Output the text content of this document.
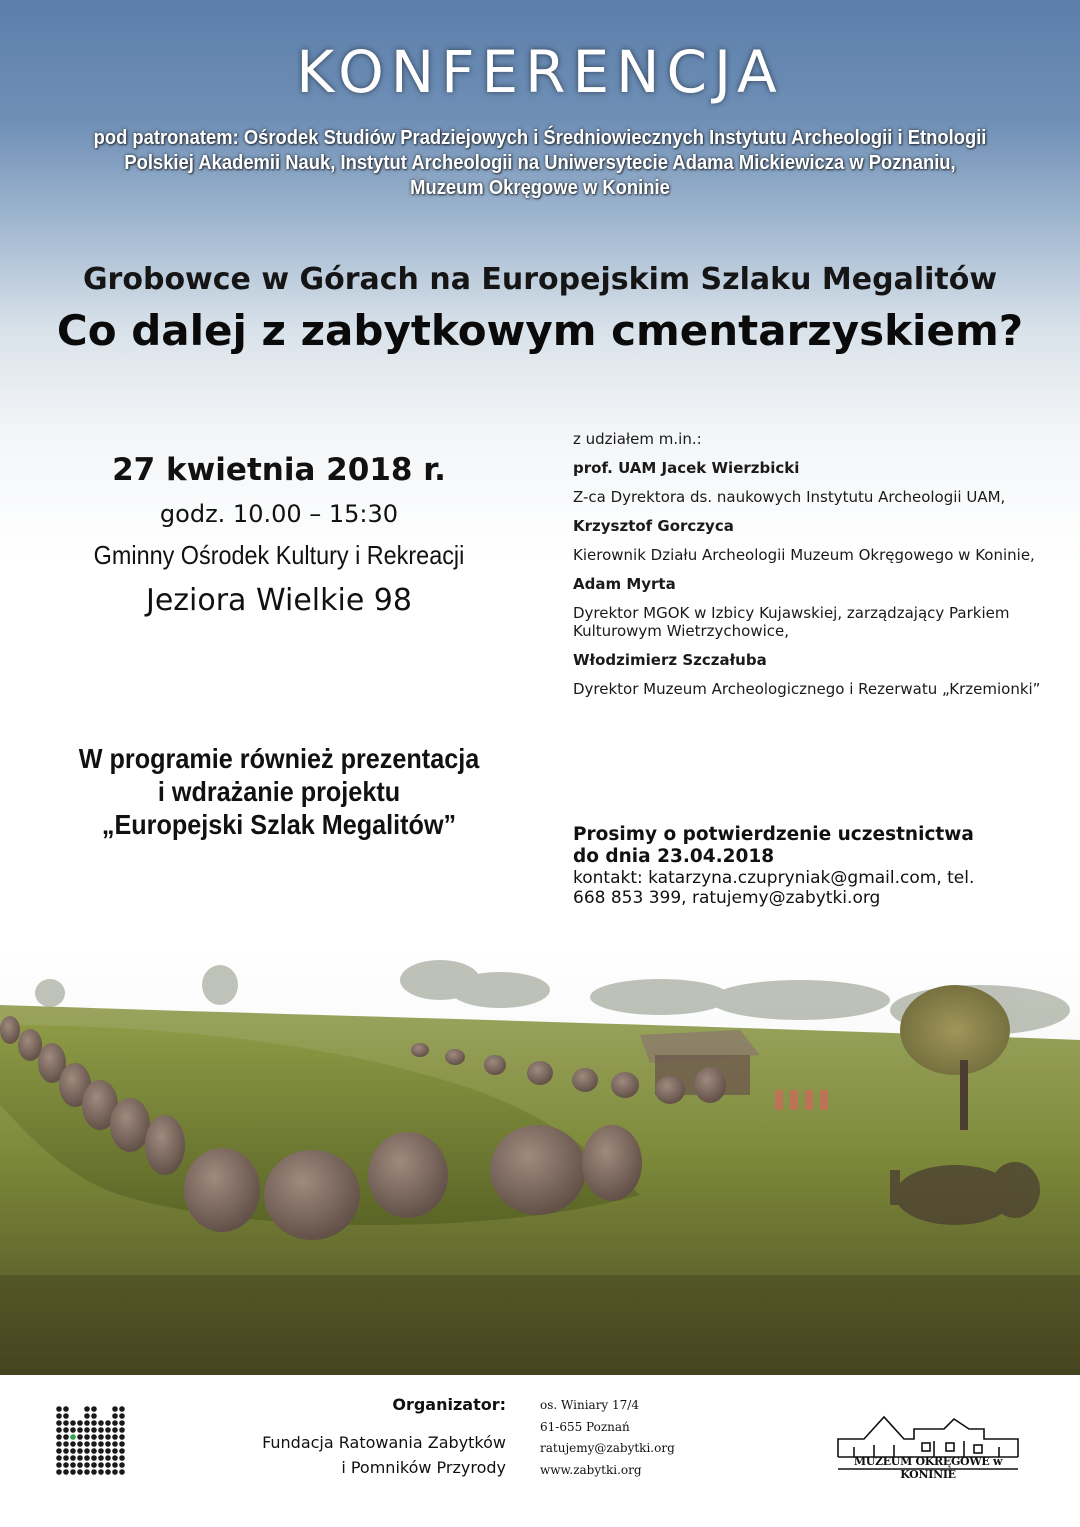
KONFERENCJA
pod patronatem: Ośrodek Studiów Pradziejowych i Średniowiecznych Instytutu Archeologii i Etnologii Polskiej Akademii Nauk, Instytut Archeologii na Uniwersytecie Adama Mickiewicza w Poznaniu, Muzeum Okręgowe w Koninie
Grobowce w Górach na Europejskim Szlaku Megalitów
Co dalej z zabytkowym cmentarzyskiem?
27 kwietnia 2018 r.
godz. 10.00 – 15:30
Gminny Ośrodek Kultury i Rekreacji
Jeziora Wielkie 98
W programie również prezentacja
i wdrażanie projektu
„Europejski Szlak Megalitów”
z udziałem m.in.:
prof. UAM Jacek Wierzbicki
Z-ca Dyrektora ds. naukowych Instytutu Archeologii UAM,
Krzysztof Gorczyca
Kierownik Działu Archeologii Muzeum Okręgowego w Koninie,
Adam Myrta
Dyrektor MGOK w Izbicy Kujawskiej, zarządzający Parkiem Kulturowym Wietrzychowice,
Włodzimierz Szczałuba
Dyrektor Muzeum Archeologicznego i Rezerwatu „Krzemionki”
Prosimy o potwierdzenie uczestnictwa
do dnia 23.04.2018
kontakt: katarzyna.czupryniak@gmail.com, tel.
668 853 399, ratujemy@zabytki.org
Organizator:
Fundacja Ratowania Zabytków
i Pomników Przyrody
os. Winiary 17/4
61-655 Poznań
ratujemy@zabytki.org
www.zabytki.org
MUZEUM OKRĘGOWE w KONINIE
